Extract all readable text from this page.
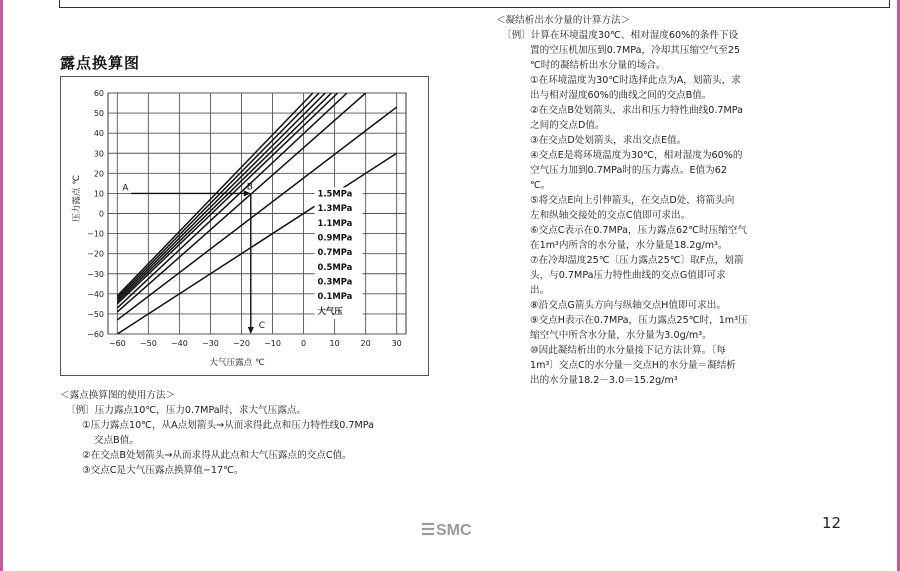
露点换算图
−60 −50 −40 −30 −20 −10	0	10	20	30
60
50
40
30
20
10
0
−10
−20
−30
−40
−50
−60
1.5MPa
1.3MPa
1.1MPa
0.9MPa
0.7MPa
0.5MPa
0.3MPa
0.1MPa
大气压
A	B
C
大气压露点 ℃
压力露点 ℃
＜露点换算图的使用方法＞
〔例〕压力露点10℃，压力0.7MPa时，求大气压露点。
①压力露点10℃，从A点划箭头→从而求得此点和压力特性线0.7MPa
交点B值。
②在交点B处划箭头→从而求得从此点和大气压露点的交点C值。
③交点C是大气压露点换算值−17℃。
＜凝结析出水分量的计算方法＞
〔例〕计算在环境温度30℃、相对湿度60%的条件下设
置的空压机加压到0.7MPa，冷却其压缩空气至25
℃时的凝结析出水分量的场合。
①在环境温度为30℃时选择此点为A，划箭头，求
出与相对湿度60%的曲线之间的交点B值。
②在交点B处划箭头，求出和压力特性曲线0.7MPa
之间的交点D值。
③在交点D处划箭头，求出交点E值。
④交点E是将环境温度为30℃，相对湿度为60%的
空气压力加到0.7MPa时的压力露点。E值为62
℃。
⑤将交点E向上引伸箭头，在交点D处，将箭头向
左和纵轴交接处的交点C值即可求出。
⑥交点C表示在0.7MPa，压力露点62℃时压缩空气
在1m³内所含的水分量，水分量是18.2g/m³。
⑦在冷却温度25℃〔压力露点25℃〕取F点，划箭
头，与0.7MPa压力特性曲线的交点G值即可求
出。
⑧沿交点G箭头方向与纵轴交点H值即可求出。
⑨交点H表示在0.7MPa，压力露点25℃时，1m³压
缩空气中所含水分量，水分量为3.0g/m³。
⑩因此凝结析出的水分量接下记方法计算。〔每
1m³〕交点C的水分量－交点H的水分量＝凝结析
出的水分量18.2－3.0＝15.2g/m³
SMC	12
